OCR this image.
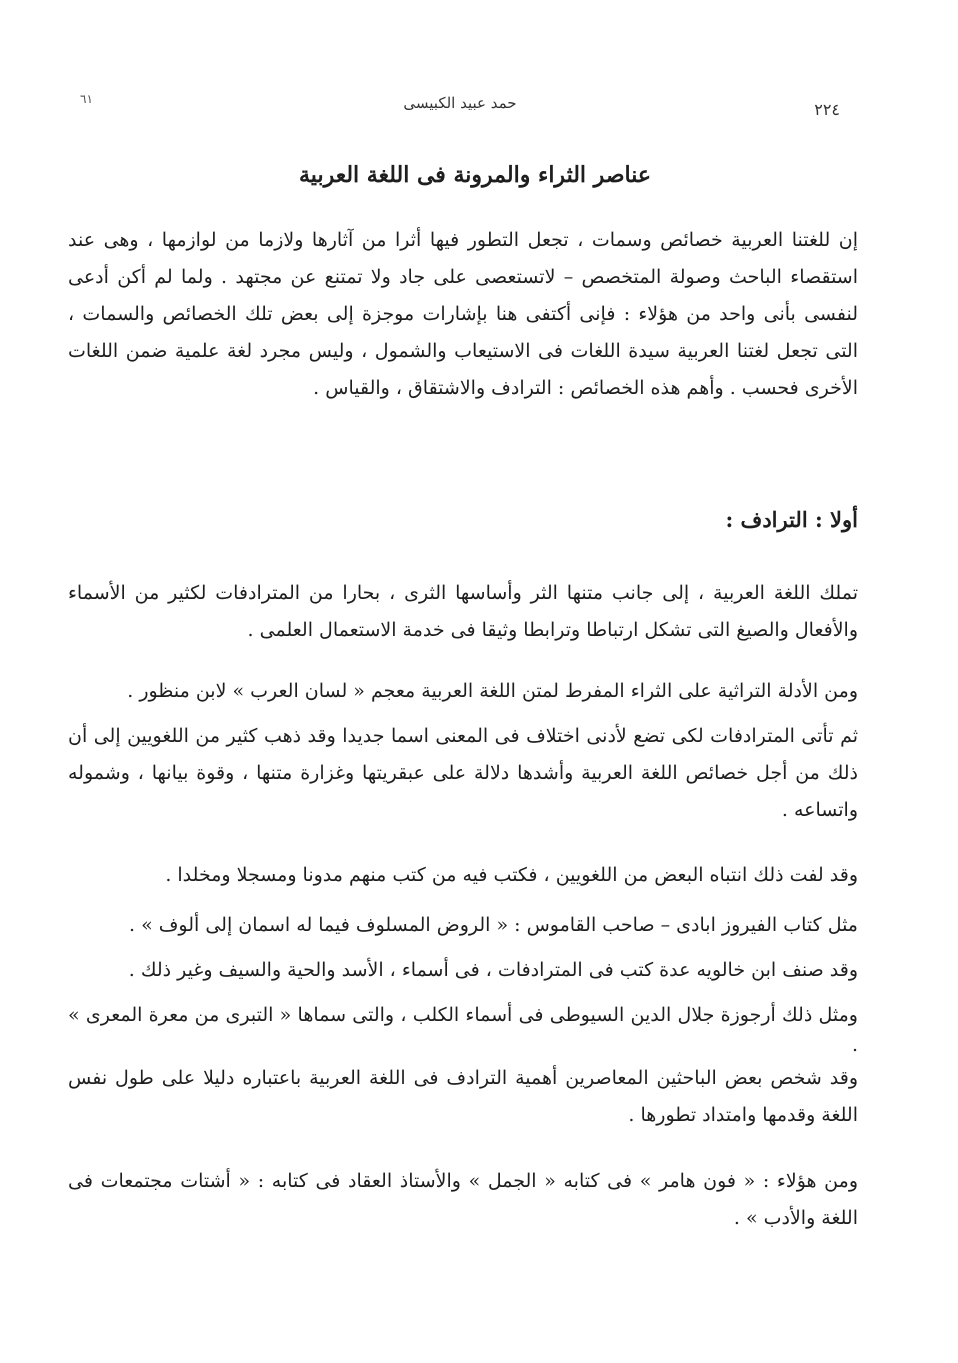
٢٢٤
حمد عبيد الكبيسى
٦١
عناصر الثراء والمرونة فى اللغة العربية

إن للغتنا العربية خصائص وسمات ، تجعل التطور فيها أثرا من آثارها ولازما من لوازمها ، وهى عند استقصاء الباحث وصولة المتخصص – لاتستعصى على جاد ولا تمتنع عن مجتهد . ولما لم أكن أدعى لنفسى بأنى واحد من هؤلاء : فإنى أكتفى هنا بإشارات موجزة إلى بعض تلك الخصائص والسمات ، التى تجعل لغتنا العربية سيدة اللغات فى الاستيعاب والشمول ، وليس مجرد لغة علمية ضمن اللغات الأخرى فحسب . وأهم هذه الخصائص : الترادف والاشتقاق ، والقياس .

أولا : الترادف :

تملك اللغة العربية ، إلى جانب متنها الثر وأساسها الثرى ، بحارا من المترادفات لكثير من الأسماء والأفعال والصيغ التى تشكل ارتباطا وترابطا وثيقا فى خدمة الاستعمال العلمى .

ومن الأدلة التراثية على الثراء المفرط لمتن اللغة العربية معجم « لسان العرب » لابن منظور .

ثم تأتى المترادفات لكى تضع لأدنى اختلاف فى المعنى اسما جديدا وقد ذهب كثير من اللغويين إلى أن ذلك من أجل خصائص اللغة العربية وأشدها دلالة على عبقريتها وغزارة متنها ، وقوة بيانها ، وشموله واتساعه .

وقد لفت ذلك انتباه البعض من اللغويين ، فكتب فيه من كتب منهم مدونا ومسجلا ومخلدا .

مثل كتاب الفيروز ابادى – صاحب القاموس : « الروض المسلوف فيما له اسمان إلى ألوف » .

وقد صنف ابن خالويه عدة كتب فى المترادفات ، فى أسماء ، الأسد والحية والسيف وغير ذلك .

ومثل ذلك أرجوزة جلال الدين السيوطى فى أسماء الكلب ، والتى سماها « التبرى من معرة المعرى » .

وقد شخص بعض الباحثين المعاصرين أهمية الترادف فى اللغة العربية باعتباره دليلا على طول نفس اللغة وقدمها وامتداد تطورها .

ومن هؤلاء : « فون هامر » فى كتابه « الجمل » والأستاذ العقاد فى كتابه : « أشتات مجتمعات فى اللغة والأدب » .
